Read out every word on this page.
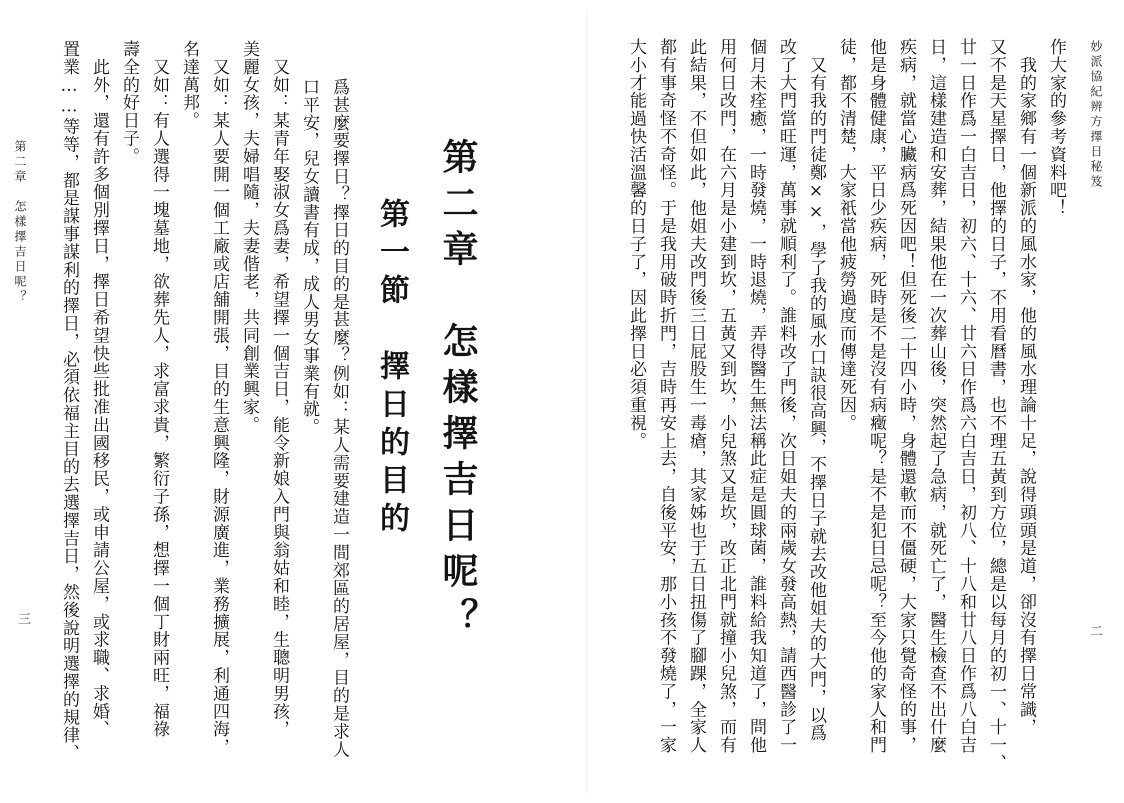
妙派協紀辨方擇日秘笈
二
作大家的參考資料吧！
　我的家鄉有一個新派的風水家，他的風水理論十足，說得頭頭是道，卻沒有擇日常識，
又不是天星擇日，他擇的日子，不用看曆書，也不理五黃到方位，總是以每月的初一、十一、
廿一日作爲一白吉日，初六、十六、廿六日作爲六白吉日，初八、十八和廿八日作爲八白吉
日，這樣建造和安葬，結果他在一次葬山後，突然起了急病，就死亡了，醫生檢查不出什麼
疾病，就當心臟病爲死因吧！但死後二十四小時，身體還軟而不僵硬，大家只覺奇怪的事，
他是身體健康，平日少疾病，死時是不是沒有病癥呢？是不是犯日忌呢？至今他的家人和門
徒，都不清楚，大家祇當他疲勞過度而傳達死因。
　又有我的門徒鄭××，學了我的風水口訣很高興，不擇日子就去改他姐夫的大門，以爲
改了大門當旺運，萬事就順利了。誰料改了門後，次日姐夫的兩歲女發高熱，請西醫診了一
個月未痊癒，一時發燒，一時退燒，弄得醫生無法稱此症是圓球菌，誰料給我知道了，問他
用何日改門，在六月是小建到坎，五黃又到坎，小兒煞又是坎，改正北門就撞小兒煞，而有
此結果，不但如此，他姐夫改門後三日屁股生一毒瘡，其家姊也于五日扭傷了腳踝，全家人
都有事奇怪不奇怪。于是我用破時折門，吉時再安上去，自後平安，那小孩不發燒了，一家
大小才能過快活溫馨的日子了，因此擇日必須重視。
第二章　怎樣擇吉日呢？
第一節　擇日的目的
爲甚麼要擇日？擇日的目的是甚麼？例如：某人需要建造一間郊區的居屋，目的是求人
口平安，兒女讀書有成，成人男女事業有就。
　又如：某青年娶淑女爲妻，希望擇一個吉日，能令新娘入門與翁姑和睦，生聰明男孩，
美麗女孩，夫婦唱隨，夫妻偕老，共同創業興家。
　又如：某人要開一個工廠或店舖開張，目的生意興隆，財源廣進，業務擴展，利通四海，
名達萬邦。
　又如：有人選得一塊墓地，欲葬先人，求富求貴，繁衍子孫，想擇一個丁財兩旺，福祿
壽全的好日子。
　此外，還有許多個別擇日，擇日希望快些批准出國移民，或申請公屋，或求職、求婚、
置業……等等，都是謀事謀利的擇日，必須依福主目的去選擇吉日，然後說明選擇的規律、
第二章　怎樣擇吉日呢？
三
